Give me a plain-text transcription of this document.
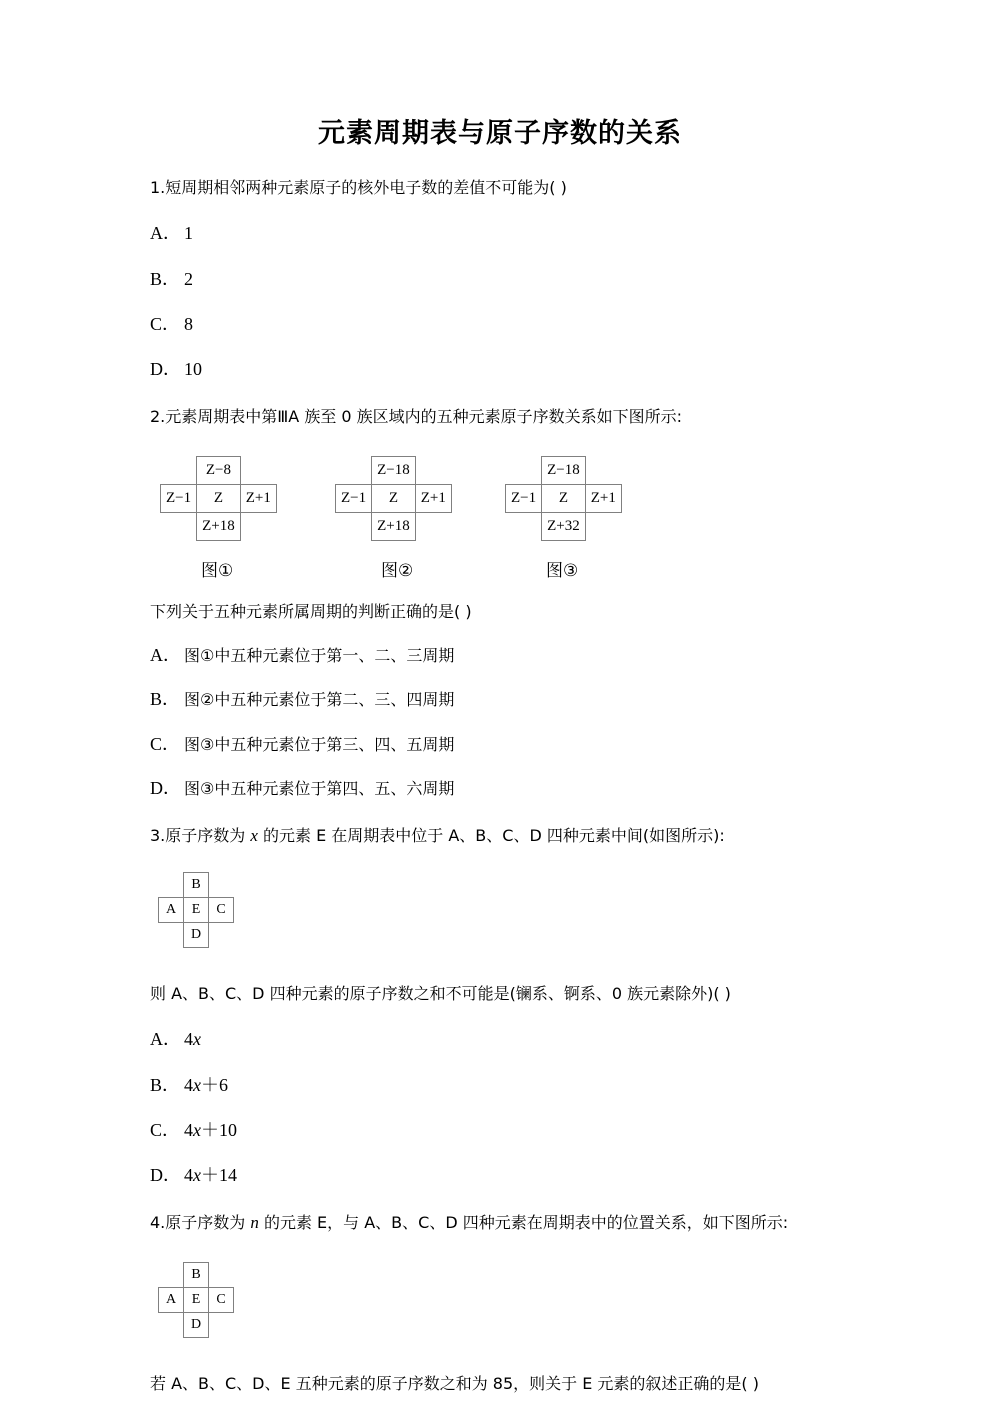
元素周期表与原子序数的关系
1.短周期相邻两种元素原子的核外电子数的差值不可能为( )
A． 1
B． 2
C． 8
D． 10
2.元素周期表中第ⅢA 族至 0 族区域内的五种元素原子序数关系如下图所示:
	Z−8	
Z−1	Z	Z+1
	Z+18	
	Z−18	
Z−1	Z	Z+1
	Z+18	
	Z−18	
Z−1	Z	Z+1
	Z+32	
图①	图②	图③
下列关于五种元素所属周期的判断正确的是( )
A． 图①中五种元素位于第一、二、三周期
B． 图②中五种元素位于第二、三、四周期
C． 图③中五种元素位于第三、四、五周期
D． 图③中五种元素位于第四、五、六周期
3.原子序数为 x 的元素 E 在周期表中位于 A、B、C、D 四种元素中间(如图所示):
	B	
A	E	C
	D	
则 A、B、C、D 四种元素的原子序数之和不可能是(镧系、锕系、0 族元素除外)( )
A． 4x
B． 4x＋6
C． 4x＋10
D． 4x＋14
4.原子序数为 n 的元素 E，与 A、B、C、D 四种元素在周期表中的位置关系，如下图所示:
	B	
A	E	C
	D	
若 A、B、C、D、E 五种元素的原子序数之和为 85，则关于 E 元素的叙述正确的是( )
